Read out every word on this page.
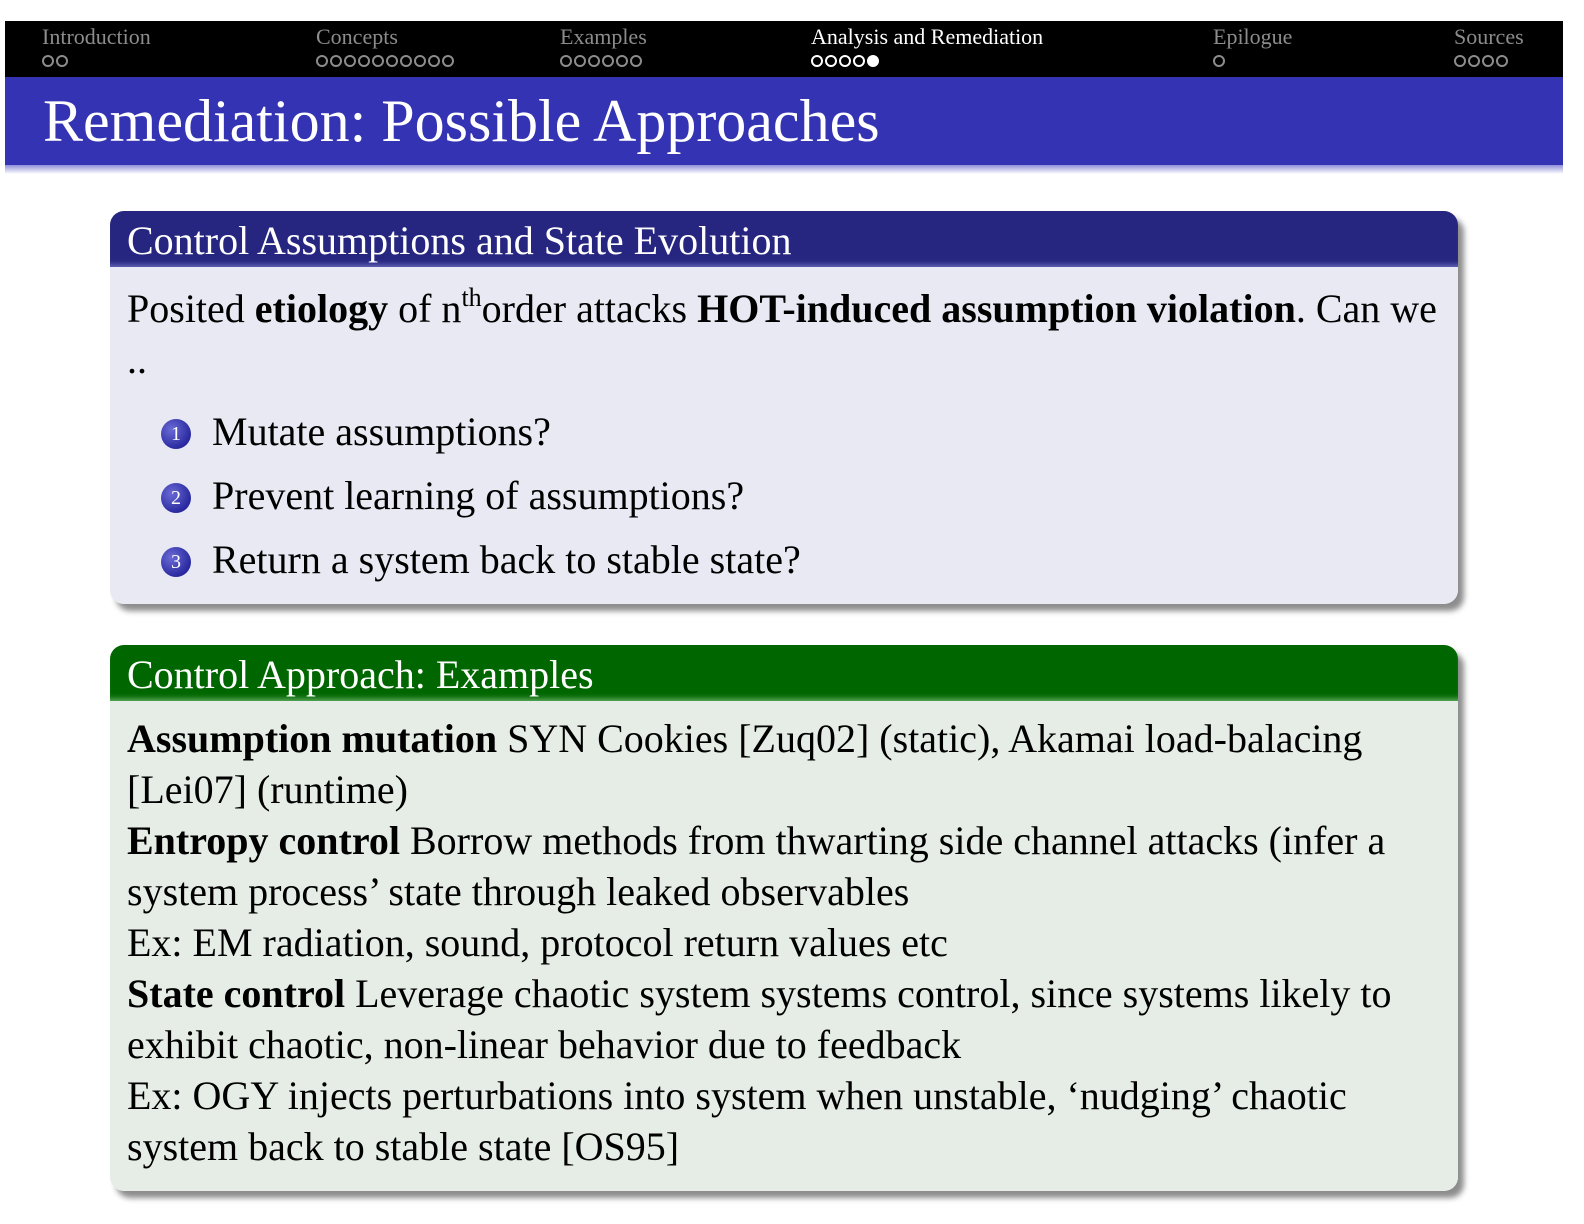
Introduction	Concepts	Examples	Analysis and Remediation	Epilogue	Sources
Remediation: Possible Approaches
Control Assumptions and State Evolution

Posited etiology of $n^{th}order$ attacks HOT-induced assumption violation. Can we ..

1 Mutate assumptions?
2 Prevent learning of assumptions?
3 Return a system back to stable state?
Control Approach: Examples

Assumption mutation SYN Cookies [Zuq02] (static), Akamai load-balacing [Lei07] (runtime)

Entropy control Borrow methods from thwarting side channel attacks (infer a system process’ state through leaked observables

Ex: EM radiation, sound, protocol return values etc

State control Leverage chaotic system systems control, since systems likely to exhibit chaotic, non-linear behavior due to feedback

Ex: OGY injects perturbations into system when unstable, ‘nudging’ chaotic system back to stable state [OS95]
